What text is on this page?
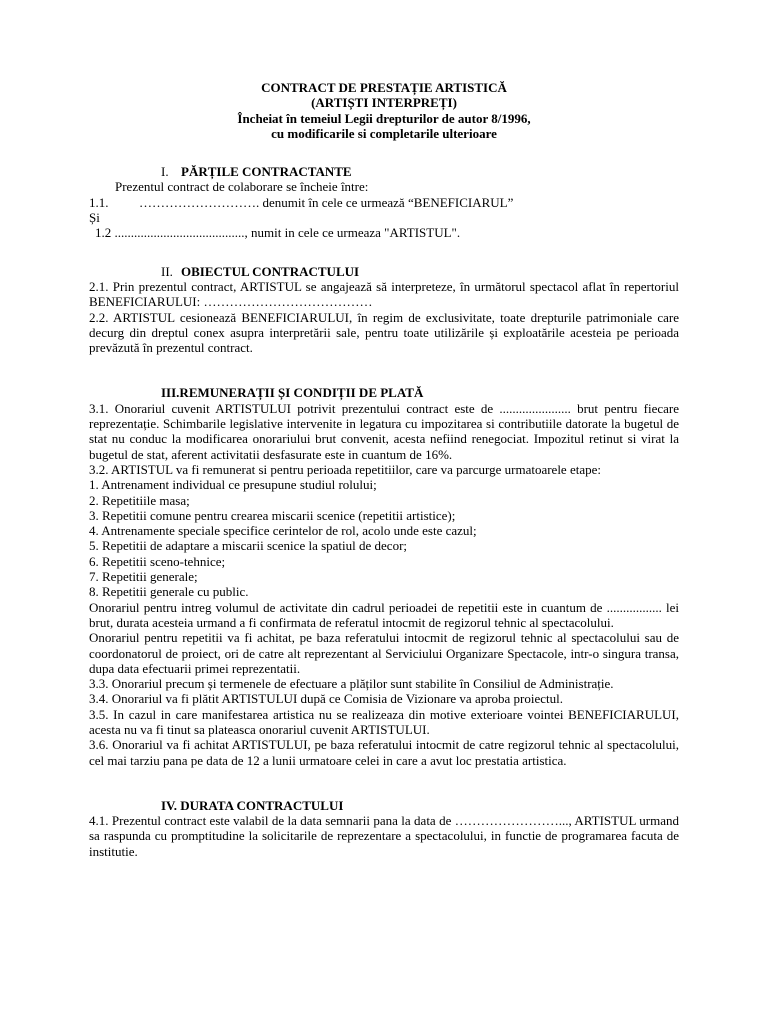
CONTRACT DE PRESTAȚIE ARTISTICĂ
(ARTIȘTI INTERPREȚI)
Încheiat în temeiul Legii drepturilor de autor 8/1996,
cu modificarile si completarile ulterioare
I. PĂRȚILE CONTRACTANTE

Prezentul contract de colaborare se încheie între:

1.1. ………………………. denumit în cele ce urmează “BENEFICIARUL”

Și

1.2 ........................................, numit in cele ce urmeaza "ARTISTUL".

II. OBIECTUL CONTRACTULUI

2.1. Prin prezentul contract, ARTISTUL se angajează să interpreteze, în următorul spectacol aflat în repertoriul BENEFICIARULUI: …………………………………

2.2. ARTISTUL cesionează BENEFICIARULUI, în regim de exclusivitate, toate drepturile patrimoniale care decurg din dreptul conex asupra interpretării sale, pentru toate utilizările și exploatările acesteia pe perioada prevăzută în prezentul contract.

III.REMUNERAȚII ȘI CONDIȚII DE PLATĂ

3.1. Onorariul cuvenit ARTISTULUI potrivit prezentului contract este de ...................... brut pentru fiecare reprezentație. Schimbarile legislative intervenite in legatura cu impozitarea si contributiile datorate la bugetul de stat nu conduc la modificarea onorariului brut convenit, acesta nefiind renegociat. Impozitul retinut si virat la bugetul de stat, aferent activitatii desfasurate este in cuantum de 16%.

3.2. ARTISTUL va fi remunerat si pentru perioada repetitiilor, care va parcurge urmatoarele etape:

1. Antrenament individual ce presupune studiul rolului;

2. Repetitiile masa;

3. Repetitii comune pentru crearea miscarii scenice (repetitii artistice);

4. Antrenamente speciale specifice cerintelor de rol, acolo unde este cazul;

5. Repetitii de adaptare a miscarii scenice la spatiul de decor;

6. Repetitii sceno-tehnice;

7. Repetitii generale;

8. Repetitii generale cu public.

Onorariul pentru intreg volumul de activitate din cadrul perioadei de repetitii este in cuantum de ................. lei brut, durata acesteia urmand a fi confirmata de referatul intocmit de regizorul tehnic al spectacolului.

Onorariul pentru repetitii va fi achitat, pe baza referatului intocmit de regizorul tehnic al spectacolului sau de coordonatorul de proiect, ori de catre alt reprezentant al Serviciului Organizare Spectacole, intr-o singura transa, dupa data efectuarii primei reprezentatii.

3.3. Onorariul precum și termenele de efectuare a plăților sunt stabilite în Consiliul de Administrație.

3.4. Onorariul va fi plătit ARTISTULUI după ce Comisia de Vizionare va aproba proiectul.

3.5. In cazul in care manifestarea artistica nu se realizeaza din motive exterioare vointei BENEFICIARULUI, acesta nu va fi tinut sa plateasca onorariul cuvenit ARTISTULUI.

3.6. Onorariul va fi achitat ARTISTULUI, pe baza referatului intocmit de catre regizorul tehnic al spectacolului, cel mai tarziu pana pe data de 12 a lunii urmatoare celei in care a avut loc prestatia artistica.

IV. DURATA CONTRACTULUI

4.1. Prezentul contract este valabil de la data semnarii pana la data de ……………………..., ARTISTUL urmand sa raspunda cu promptitudine la solicitarile de reprezentare a spectacolului, in functie de programarea facuta de institutie.
